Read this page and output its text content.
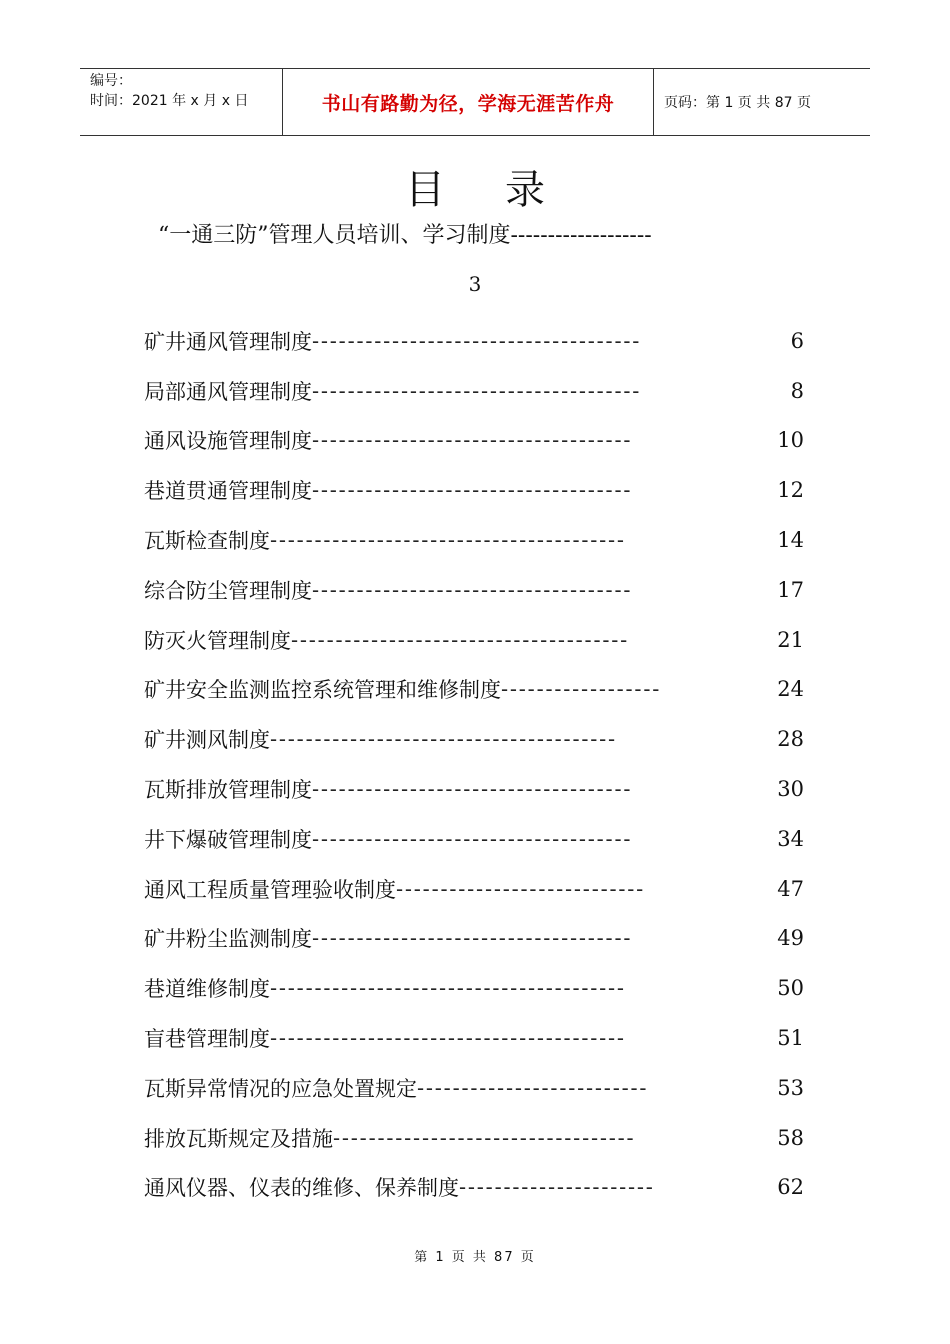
编号：
时间：2021 年 x 月 x 日	书山有路勤为径，学海无涯苦作舟	页码：第 1 页 共 87 页
目录
“一通三防”管理人员培训、学习制度-------------------
3
矿井通风管理制度 -------------------------------------	6
局部通风管理制度 -------------------------------------	8
通风设施管理制度 ------------------------------------	10
巷道贯通管理制度 ------------------------------------	12
瓦斯检查制度 ----------------------------------------	14
综合防尘管理制度 ------------------------------------	17
防灭火管理制度 --------------------------------------	21
矿井安全监测监控系统管理和维修制度 ------------------	24
矿井测风制度 ---------------------------------------	28
瓦斯排放管理制度 ------------------------------------	30
井下爆破管理制度 ------------------------------------	34
通风工程质量管理验收制度 ----------------------------	47
矿井粉尘监测制度 ------------------------------------	49
巷道维修制度 ----------------------------------------	50
盲巷管理制度 ----------------------------------------	51
瓦斯异常情况的应急处置规定 --------------------------	53
排放瓦斯规定及措施 ----------------------------------	58
通风仪器、仪表的维修、保养制度 ----------------------	62
第 1 页 共 87 页
